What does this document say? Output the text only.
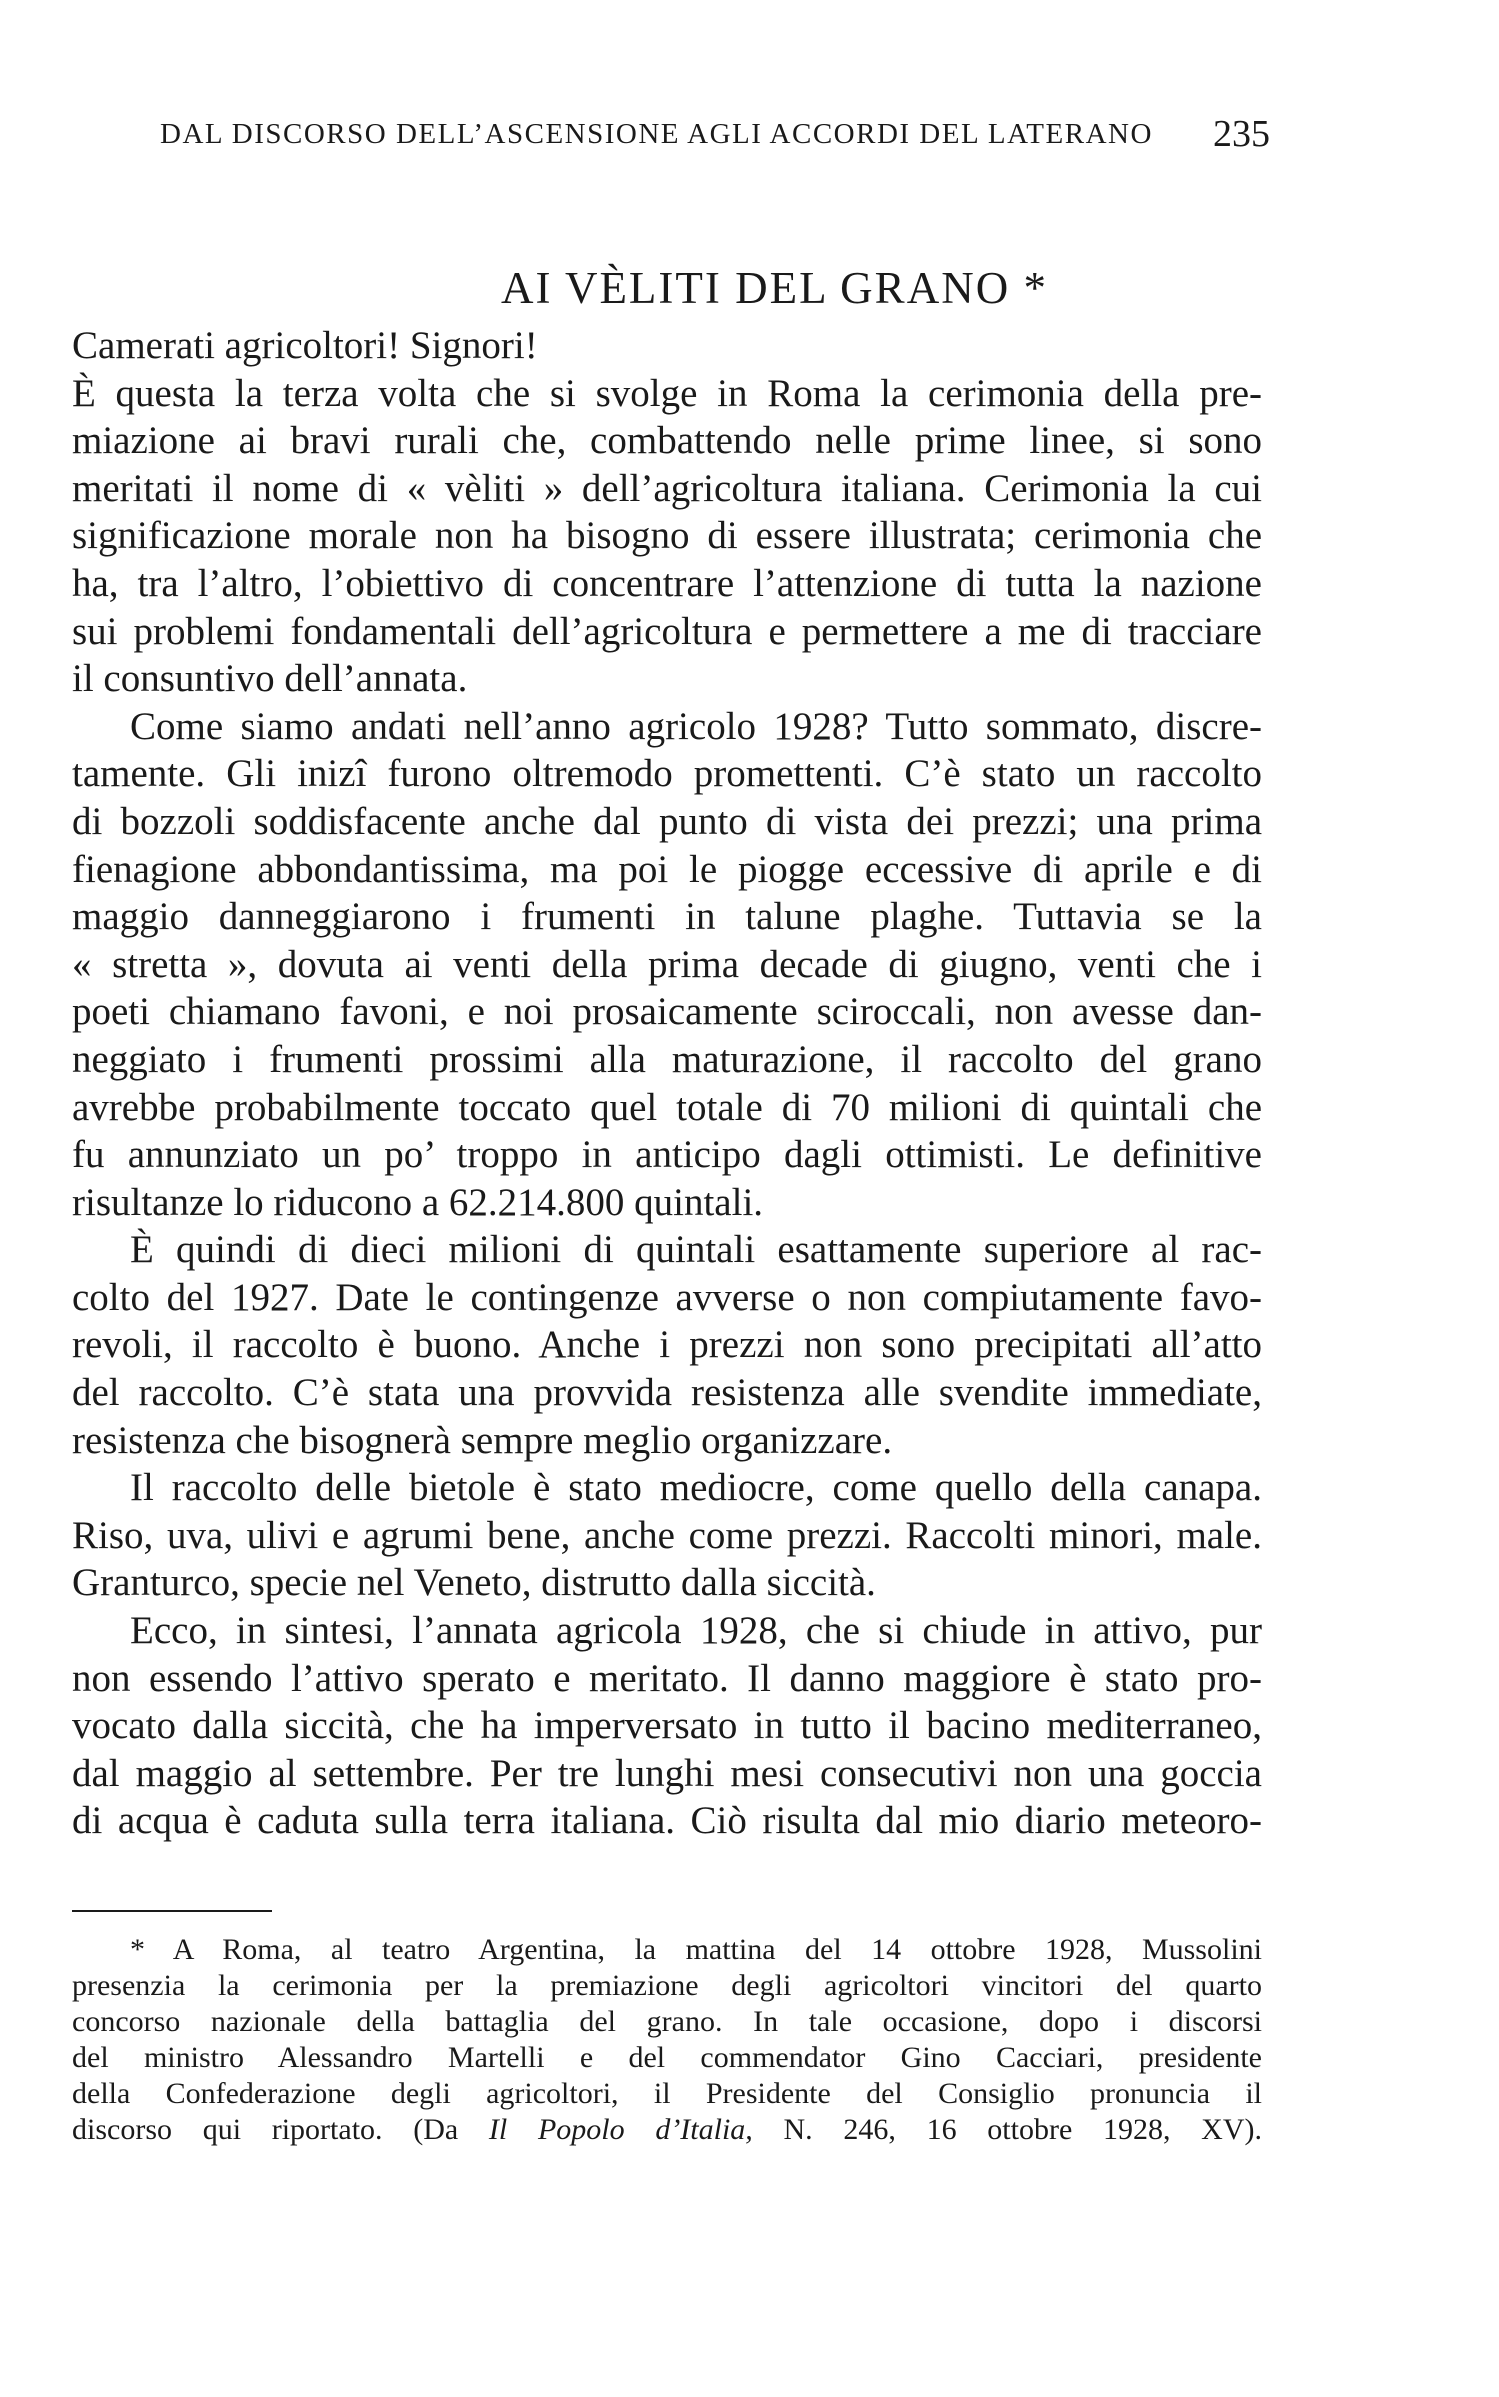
DAL DISCORSO DELL’ASCENSIONE AGLI ACCORDI DEL LATERANO 235
AI VÈLITI DEL GRANO *
Camerati agricoltori! Signori!
È questa la terza volta che si svolge in Roma la cerimonia della pre-
miazione ai bravi rurali che, combattendo nelle prime linee, si sono
meritati il nome di « vèliti » dell’agricoltura italiana. Cerimonia la cui
significazione morale non ha bisogno di essere illustrata; cerimonia che
ha, tra l’altro, l’obiettivo di concentrare l’attenzione di tutta la nazione
sui problemi fondamentali dell’agricoltura e permettere a me di tracciare
il consuntivo dell’annata.
Come siamo andati nell’anno agricolo 1928? Tutto sommato, discre-
tamente. Gli inizî furono oltremodo promettenti. C’è stato un raccolto
di bozzoli soddisfacente anche dal punto di vista dei prezzi; una prima
fienagione abbondantissima, ma poi le piogge eccessive di aprile e di
maggio danneggiarono i frumenti in talune plaghe. Tuttavia se la
« stretta », dovuta ai venti della prima decade di giugno, venti che i
poeti chiamano favoni, e noi prosaicamente sciroccali, non avesse dan-
neggiato i frumenti prossimi alla maturazione, il raccolto del grano
avrebbe probabilmente toccato quel totale di 70 milioni di quintali che
fu annunziato un po’ troppo in anticipo dagli ottimisti. Le definitive
risultanze lo riducono a 62.214.800 quintali.
È quindi di dieci milioni di quintali esattamente superiore al rac-
colto del 1927. Date le contingenze avverse o non compiutamente favo-
revoli, il raccolto è buono. Anche i prezzi non sono precipitati all’atto
del raccolto. C’è stata una provvida resistenza alle svendite immediate,
resistenza che bisognerà sempre meglio organizzare.
Il raccolto delle bietole è stato mediocre, come quello della canapa.
Riso, uva, ulivi e agrumi bene, anche come prezzi. Raccolti minori, male.
Granturco, specie nel Veneto, distrutto dalla siccità.
Ecco, in sintesi, l’annata agricola 1928, che si chiude in attivo, pur
non essendo l’attivo sperato e meritato. Il danno maggiore è stato pro-
vocato dalla siccità, che ha imperversato in tutto il bacino mediterraneo,
dal maggio al settembre. Per tre lunghi mesi consecutivi non una goccia
di acqua è caduta sulla terra italiana. Ciò risulta dal mio diario meteoro-
* A Roma, al teatro Argentina, la mattina del 14 ottobre 1928, Mussolini
presenzia la cerimonia per la premiazione degli agricoltori vincitori del quarto
concorso nazionale della battaglia del grano. In tale occasione, dopo i discorsi
del ministro Alessandro Martelli e del commendator Gino Cacciari, presidente
della Confederazione degli agricoltori, il Presidente del Consiglio pronuncia il
discorso qui riportato. (Da Il Popolo d’Italia, N. 246, 16 ottobre 1928, XV).
